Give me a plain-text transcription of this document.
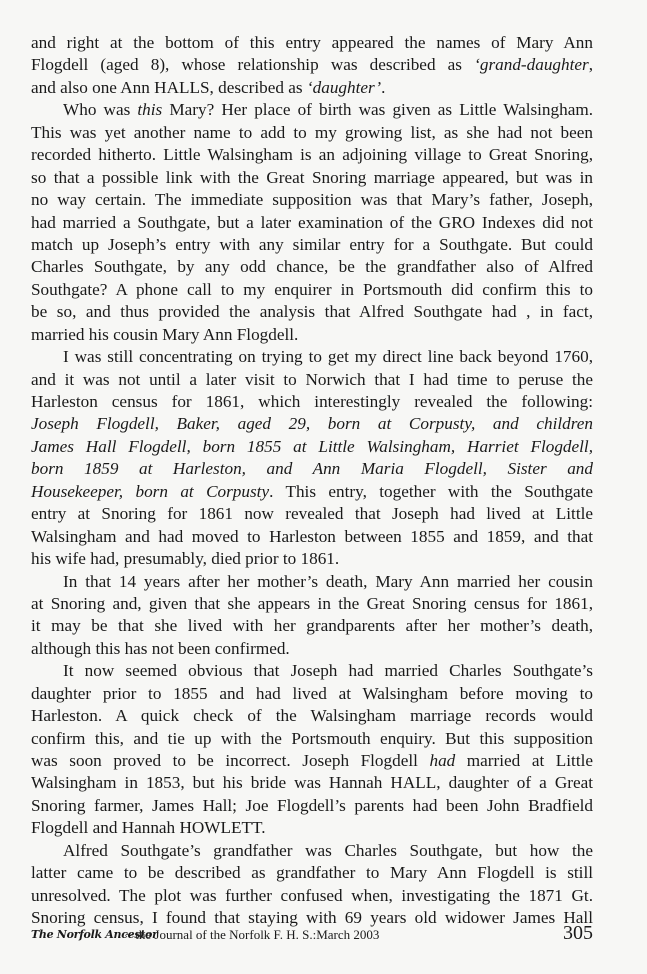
and right at the bottom of this entry appeared the names of Mary Ann
Flogdell (aged 8), whose relationship was described as ‘grand-daughter,
and also one Ann HALLS, described as ‘daughter’.
Who was this Mary? Her place of birth was given as Little Walsingham.
This was yet another name to add to my growing list, as she had not been
recorded hitherto. Little Walsingham is an adjoining village to Great Snoring,
so that a possible link with the Great Snoring marriage appeared, but was in
no way certain. The immediate supposition was that Mary’s father, Joseph,
had married a Southgate, but a later examination of the GRO Indexes did not
match up Joseph’s entry with any similar entry for a Southgate. But could
Charles Southgate, by any odd chance, be the grandfather also of Alfred
Southgate? A phone call to my enquirer in Portsmouth did confirm this to
be so, and thus provided the analysis that Alfred Southgate had , in fact,
married his cousin Mary Ann Flogdell.
I was still concentrating on trying to get my direct line back beyond 1760,
and it was not until a later visit to Norwich that I had time to peruse the
Harleston census for 1861, which interestingly revealed the following:
Joseph Flogdell, Baker, aged 29, born at Corpusty, and children
James Hall Flogdell, born 1855 at Little Walsingham, Harriet Flogdell,
born 1859 at Harleston, and Ann Maria Flogdell, Sister and
Housekeeper, born at Corpusty. This entry, together with the Southgate
entry at Snoring for 1861 now revealed that Joseph had lived at Little
Walsingham and had moved to Harleston between 1855 and 1859, and that
his wife had, presumably, died prior to 1861.
In that 14 years after her mother’s death, Mary Ann married her cousin
at Snoring and, given that she appears in the Great Snoring census for 1861,
it may be that she lived with her grandparents after her mother’s death,
although this has not been confirmed.
It now seemed obvious that Joseph had married Charles Southgate’s
daughter prior to 1855 and had lived at Walsingham before moving to
Harleston. A quick check of the Walsingham marriage records would
confirm this, and tie up with the Portsmouth enquiry. But this supposition
was soon proved to be incorrect. Joseph Flogdell had married at Little
Walsingham in 1853, but his bride was Hannah HALL, daughter of a Great
Snoring farmer, James Hall; Joe Flogdell’s parents had been John Bradfield
Flogdell and Hannah HOWLETT.
Alfred Southgate’s grandfather was Charles Southgate, but how the
latter came to be described as grandfather to Mary Ann Flogdell is still
unresolved. The plot was further confused when, investigating the 1871 Gt.
Snoring census, I found that staying with 69 years old widower James Hall
The Norfolk Ancestor
~ the Journal of the Norfolk F. H. S.:March 2003	305
